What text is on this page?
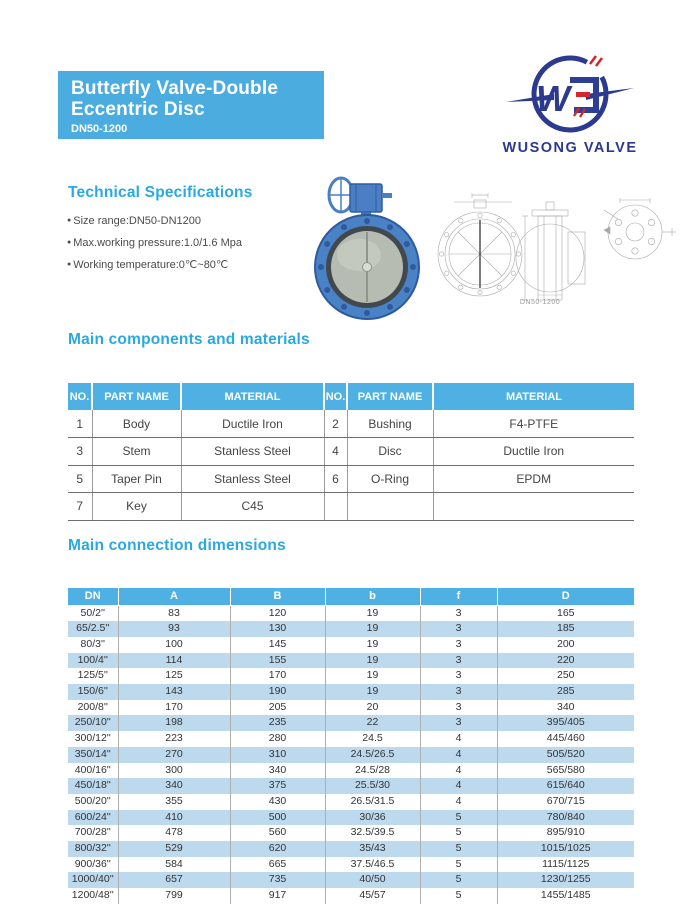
Butterfly Valve-Double
Eccentric Disc
DN50-1200
W
WUSONG VALVE
Technical Specifications
● Size range:DN50-DN1200
● Max.working pressure:1.0/1.6 Mpa
● Working temperature:0℃~80℃
DN50-1200
Main components and materials
NO.	PART NAME	MATERIAL	NO.	PART NAME	MATERIAL
1	Body	Ductile Iron	2	Bushing	F4-PTFE
3	Stem	Stanless Steel	4	Disc	Ductile Iron
5	Taper Pin	Stanless Steel	6	O-Ring	EPDM
7	Key	C45			
Main connection dimensions
DN	A	B	b	f	D
50/2''	83	120	19	3	165
65/2.5''	93	130	19	3	185
80/3''	100	145	19	3	200
100/4''	114	155	19	3	220
125/5''	125	170	19	3	250
150/6''	143	190	19	3	285
200/8''	170	205	20	3	340
250/10''	198	235	22	3	395/405
300/12''	223	280	24.5	4	445/460
350/14''	270	310	24.5/26.5	4	505/520
400/16''	300	340	24.5/28	4	565/580
450/18''	340	375	25.5/30	4	615/640
500/20''	355	430	26.5/31.5	4	670/715
600/24''	410	500	30/36	5	780/840
700/28''	478	560	32.5/39.5	5	895/910
800/32''	529	620	35/43	5	1015/1025
900/36''	584	665	37.5/46.5	5	1115/1125
1000/40''	657	735	40/50	5	1230/1255
1200/48''	799	917	45/57	5	1455/1485
